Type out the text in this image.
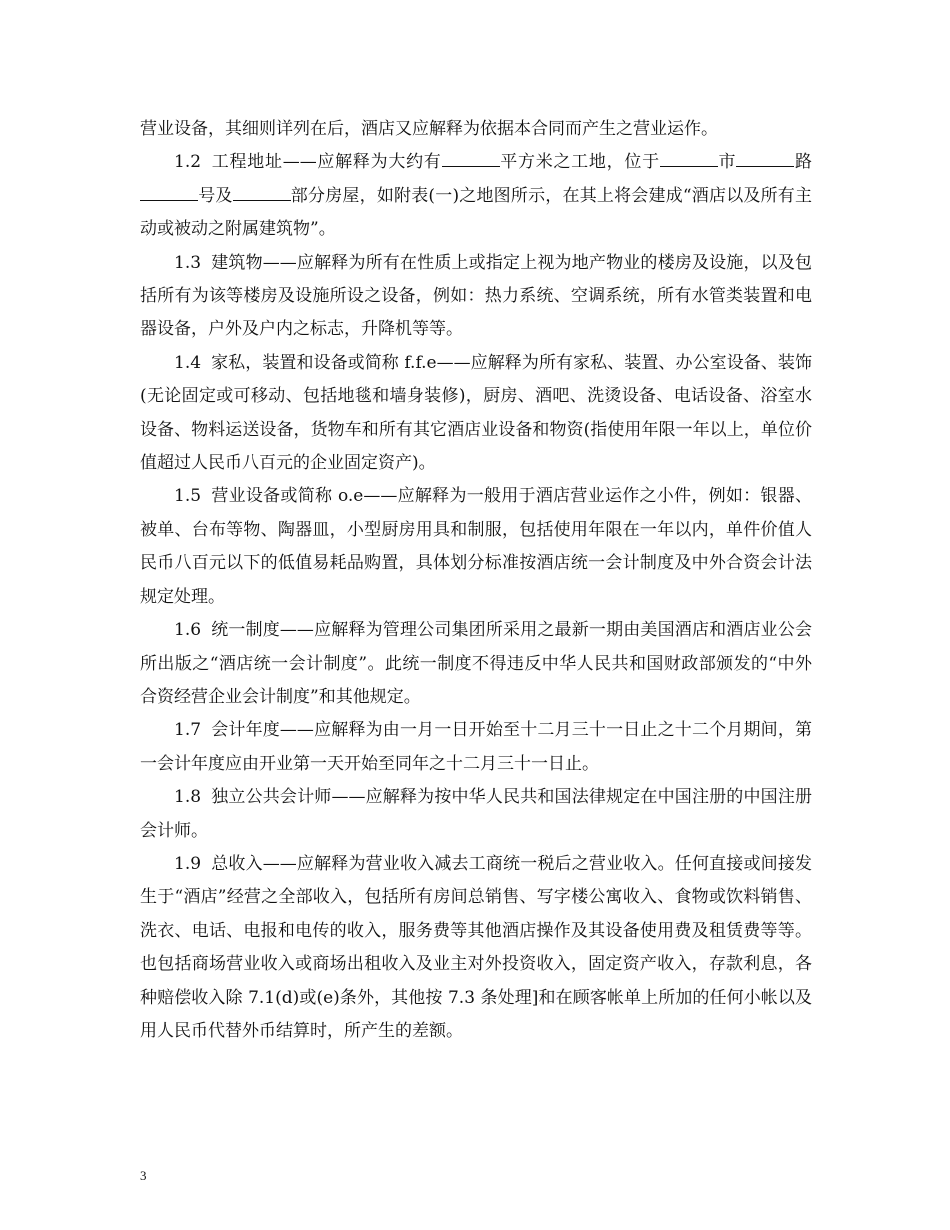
营业设备，其细则详列在后，酒店又应解释为依据本合同而产生之营业运作。

1.2 工程地址——应解释为大约有	平方米之工地，位于	市	路号及	部分房屋，如附表(一)之地图所示，在其上将会建成“酒店以及所有主动或被动之附属建筑物”。

1.3 建筑物——应解释为所有在性质上或指定上视为地产物业的楼房及设施，以及包括所有为该等楼房及设施所设之设备，例如：热力系统、空调系统，所有水管类装置和电器设备，户外及户内之标志，升降机等等。

1.4 家私，装置和设备或简称 f.f.e——应解释为所有家私、装置、办公室设备、装饰(无论固定或可移动、包括地毯和墙身装修)，厨房、酒吧、洗烫设备、电话设备、浴室水设备、物料运送设备，货物车和所有其它酒店业设备和物资(指使用年限一年以上，单位价值超过人民币八百元的企业固定资产)。

1.5 营业设备或简称 o.e——应解释为一般用于酒店营业运作之小件，例如：银器、被单、台布等物、陶器皿，小型厨房用具和制服，包括使用年限在一年以内，单件价值人民币八百元以下的低值易耗品购置，具体划分标准按酒店统一会计制度及中外合资会计法规定处理。

1.6 统一制度——应解释为管理公司集团所采用之最新一期由美国酒店和酒店业公会所出版之“酒店统一会计制度”。此统一制度不得违反中华人民共和国财政部颁发的“中外合资经营企业会计制度”和其他规定。

1.7 会计年度——应解释为由一月一日开始至十二月三十一日止之十二个月期间，第一会计年度应由开业第一天开始至同年之十二月三十一日止。

1.8 独立公共会计师——应解释为按中华人民共和国法律规定在中国注册的中国注册会计师。

1.9 总收入——应解释为营业收入减去工商统一税后之营业收入。任何直接或间接发生于“酒店”经营之全部收入，包括所有房间总销售、写字楼公寓收入、食物或饮料销售、洗衣、电话、电报和电传的收入，服务费等其他酒店操作及其设备使用费及租赁费等等。也包括商场营业收入或商场出租收入及业主对外投资收入，固定资产收入，存款利息，各种赔偿收入除 7.1(d)或(e)条外，其他按 7.3 条处理]和在顾客帐单上所加的任何小帐以及用人民币代替外币结算时，所产生的差额。

3
